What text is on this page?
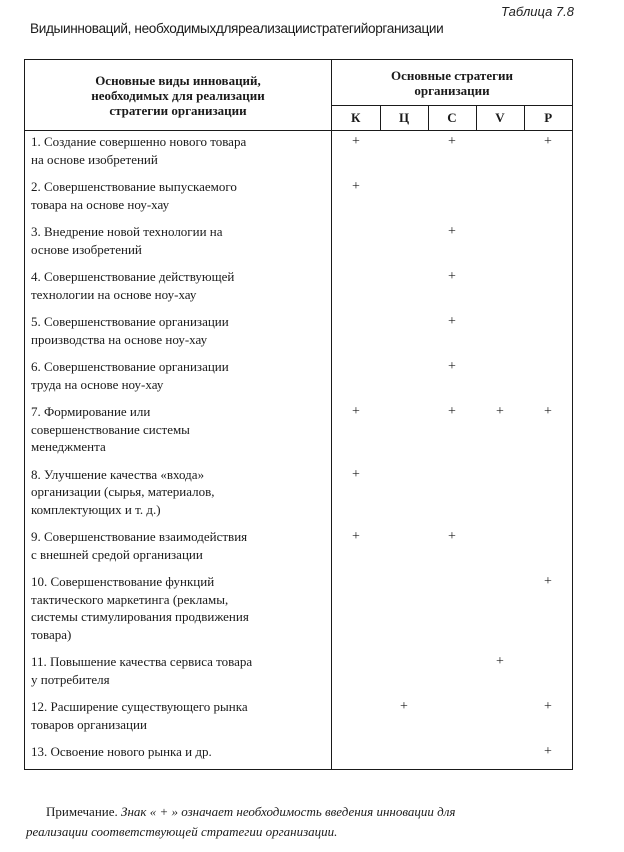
Таблица 7.8
Видыинноваций, необходимыхдляреализациистратегийорганизации
Основные виды инноваций,
необходимых для реализации
стратегии организации	Основные стратегии
организации				

	К	Ц	С	V	Р

1. Создание совершенно нового товара
на основе изобретений	+		+		+

2. Совершенствование выпускаемого
товара на основе ноу-хау	+				

3. Внедрение новой технологии на
основе изобретений			+		

4. Совершенствование действующей
технологии на основе ноу-хау			+		

5. Совершенствование организации
производства на основе ноу-хау			+		

6. Совершенствование организации
труда на основе ноу-хау			+		

7. Формирование или
совершенствование системы
менеджмента	+		+	+	+

8. Улучшение качества «входа»
организации (сырья, материалов,
комплектующих и т. д.)	+				

9. Совершенствование взаимодействия
с внешней средой организации	+		+		

10. Совершенствование функций
тактического маркетинга (рекламы,
системы стимулирования продвижения
товара)					+

11. Повышение качества сервиса товара
у потребителя				+	

12. Расширение существующего рынка
товаров организации		+			+

13. Освоение нового рынка и др.					+
Примечание. Знак « + » означает необходимость введения инновации для
реализации соответствующей стратегии организации.
